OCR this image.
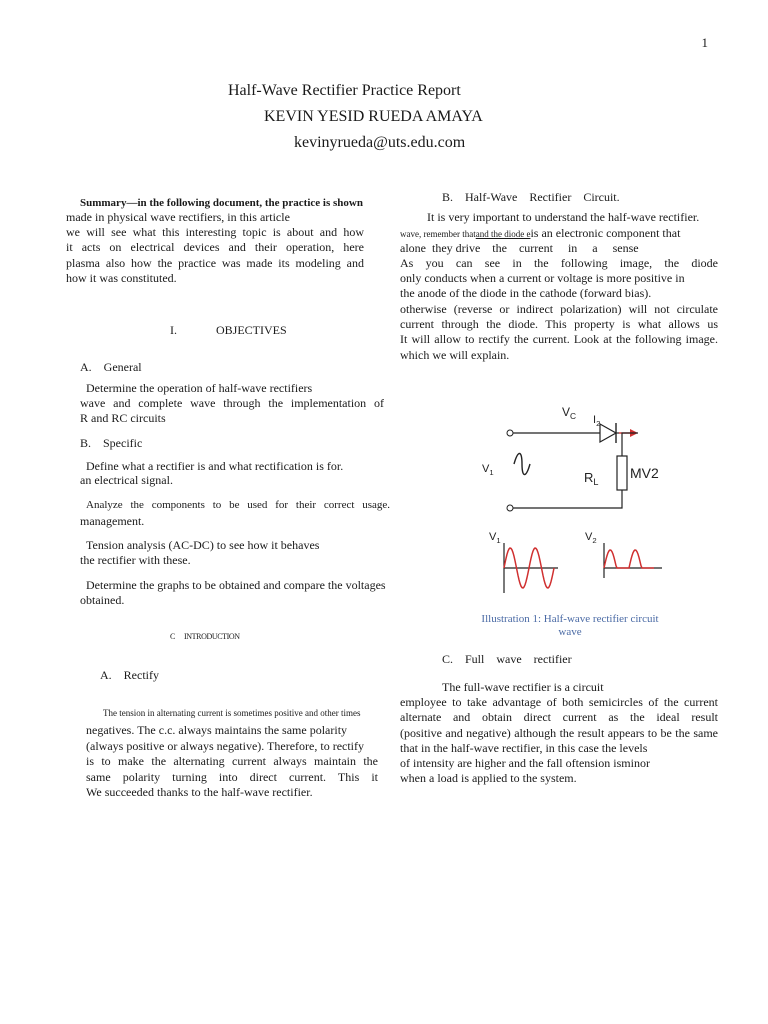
1
Half-Wave Rectifier Practice Report
KEVIN YESID RUEDA AMAYA
kevinyrueda@uts.edu.com
Summary—in the following document, the practice is shown
made in physical wave rectifiers, in this article
we will see what this interesting topic is about and how
it acts on electrical devices and their operation, here
plasma also how the practice was made its modeling and
how it was constituted.
I.	OBJECTIVES
A.    General
Determine the operation of half-wave rectifiers
wave and complete wave through the implementation of
R and RC circuits
B.    Specific
Define what a rectifier is and what rectification is for.
an electrical signal.
Analyze the components to be used for their correct usage.
management.
Tension analysis (AC-DC) to see how it behaves
the rectifier with these.
Determine the graphs to be obtained and compare the voltages
obtained.
C INTRODUCTION
A.    Rectify
The tension in alternating current is sometimes positive and other times
negatives. The c.c. always maintains the same polarity
(always positive or always negative). Therefore, to rectify
is to make the alternating current always maintain the
same polarity turning into direct current. This it
We succeeded thanks to the half-wave rectifier.
B.    Half-Wave    Rectifier    Circuit.
It is very important to understand the half-wave rectifier.
wave, remember thatand the diode eis an electronic component that
alone  they drive    the    current     in     a     sense
As you can see in the following image, the diode
only conducts when a current or voltage is more positive in
the anode of the diode in the cathode (forward bias).
otherwise (reverse or indirect polarization) will not circulate
current through the diode. This property is what allows us
It will allow to rectify the current. Look at the following image.
which we will explain.
$V_C$ $I_2$
$V_1$	$R_L$
MV2
$V_1$	$V_2$
Illustration 1: Half-wave rectifier circuit wave
C.    Full    wave    rectifier
The full-wave rectifier is a circuit
employee to take advantage of both semicircles of the current
alternate and obtain direct current as the ideal result
(positive and negative) although the result appears to be the same
that in the half-wave rectifier, in this case the levels
of intensity are higher and the fall oftension isminor
when a load is applied to the system.
